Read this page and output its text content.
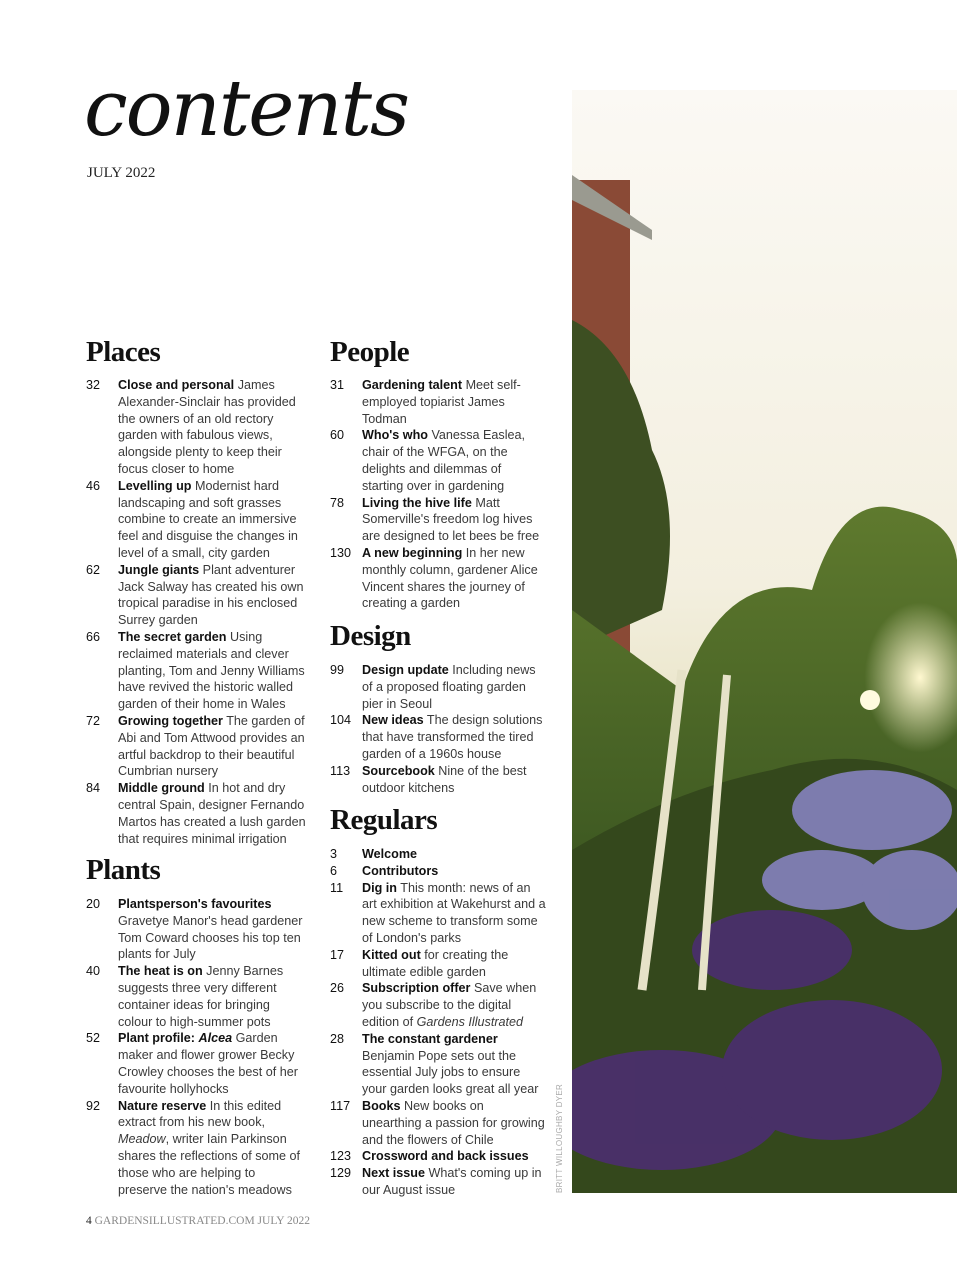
contents
JULY 2022
Places
32	Close and personal James Alexander-Sinclair has provided the owners of an old rectory garden with fabulous views, alongside plenty to keep their focus closer to home
46	Levelling up Modernist hard landscaping and soft grasses combine to create an immersive feel and disguise the changes in level of a small, city garden
62	Jungle giants Plant adventurer Jack Salway has created his own tropical paradise in his enclosed Surrey garden
66	The secret garden Using reclaimed materials and clever planting, Tom and Jenny Williams have revived the historic walled garden of their home in Wales
72	Growing together The garden of Abi and Tom Attwood provides an artful backdrop to their beautiful Cumbrian nursery
84	Middle ground In hot and dry central Spain, designer Fernando Martos has created a lush garden that requires minimal irrigation
Plants
20	Plantsperson's favourites Gravetye Manor's head gardener Tom Coward chooses his top ten plants for July
40	The heat is on Jenny Barnes suggests three very different container ideas for bringing colour to high-summer pots
52	Plant profile: Alcea Garden maker and flower grower Becky Crowley chooses the best of her favourite hollyhocks
92	Nature reserve In this edited extract from his new book, Meadow, writer Iain Parkinson shares the reflections of some of those who are helping to preserve the nation's meadows
People
31	Gardening talent Meet self-employed topiarist James Todman
60	Who's who Vanessa Easlea, chair of the WFGA, on the delights and dilemmas of starting over in gardening
78	Living the hive life Matt Somerville's freedom log hives are designed to let bees be free
130 A new beginning In her new monthly column, gardener Alice Vincent shares the journey of creating a garden
Design
99	Design update Including news of a proposed floating garden pier in Seoul
104 New ideas The design solutions that have transformed the tired garden of a 1960s house
113 Sourcebook Nine of the best outdoor kitchens
Regulars
3	Welcome
6	Contributors
11	Dig in This month: news of an art exhibition at Wakehurst and a new scheme to transform some of London's parks
17	Kitted out for creating the ultimate edible garden
26	Subscription offer Save when you subscribe to the digital edition of Gardens Illustrated
28	The constant gardener Benjamin Pope sets out the essential July jobs to ensure your garden looks great all year
117 Books New books on unearthing a passion for growing and the flowers of Chile
123 Crossword and back issues
129 Next issue What's coming up in our August issue	BRITT WILLOUGHBY DYER
4 GARDENSILLUSTRATED.COM JULY 2022
